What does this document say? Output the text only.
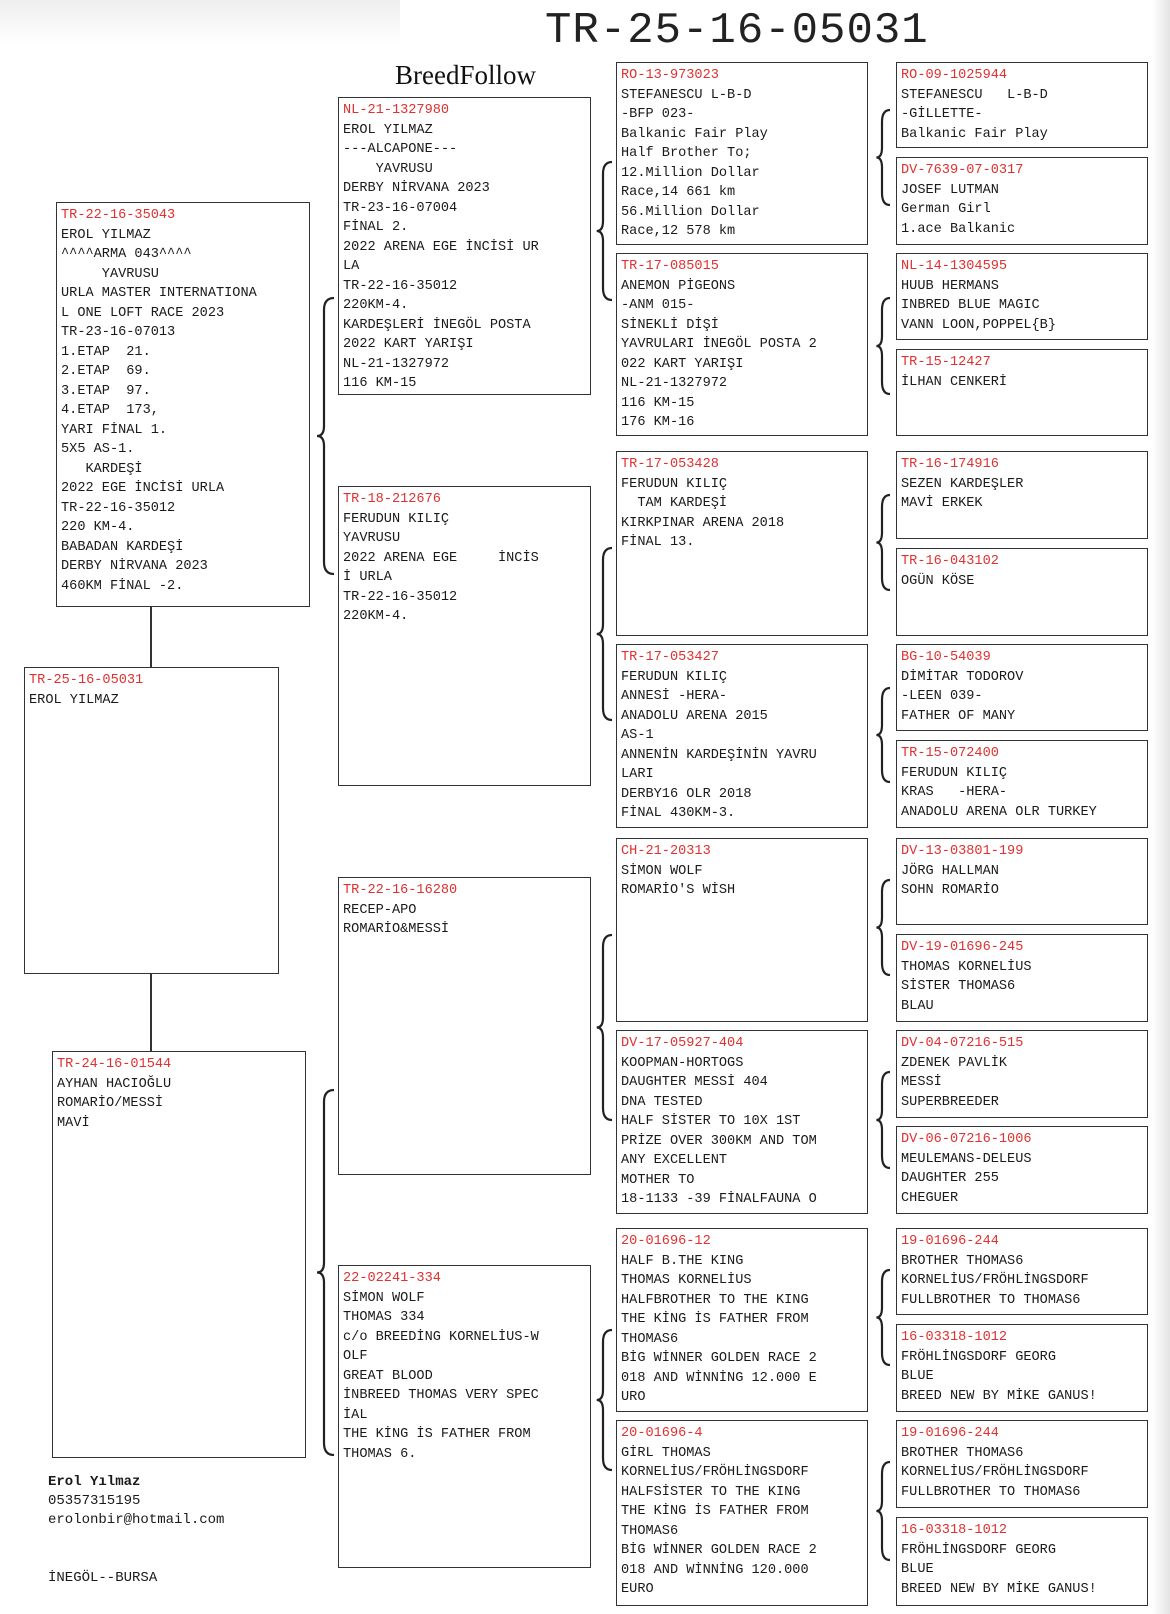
TR-25-16-05031
BreedFollow
TR-25-16-05031
EROL YILMAZ
TR-22-16-35043
EROL YILMAZ
^^^^ARMA 043^^^^
YAVRUSU
URLA MASTER INTERNATIONA
L ONE LOFT RACE 2023
TR-23-16-07013
1.ETAP  21.
2.ETAP  69.
3.ETAP  97.
4.ETAP  173,
YARI FİNAL 1.
5X5 AS-1.
KARDEŞİ
2022 EGE İNCİSİ URLA
TR-22-16-35012
220 KM-4.
BABADAN KARDEŞİ
DERBY NİRVANA 2023
460KM FİNAL -2.
TR-24-16-01544
AYHAN HACIOĞLU
ROMARİO/MESSİ
MAVİ
NL-21-1327980
EROL YILMAZ
---ALCAPONE---
YAVRUSU
DERBY NİRVANA 2023
TR-23-16-07004
FİNAL 2.
2022 ARENA EGE İNCİSİ UR
LA
TR-22-16-35012
220KM-4.
KARDEŞLERİ İNEGÖL POSTA
2022 KART YARIŞI
NL-21-1327972
116 KM-15
TR-18-212676
FERUDUN KILIÇ
YAVRUSU
2022 ARENA EGE     İNCİS
İ URLA
TR-22-16-35012
220KM-4.
TR-22-16-16280
RECEP-APO
ROMARİO&MESSİ
22-02241-334
SİMON WOLF
THOMAS 334
c/o BREEDİNG KORNELİUS-W
OLF
GREAT BLOOD
İNBREED THOMAS VERY SPEC
İAL
THE KİNG İS FATHER FROM
THOMAS 6.
RO-13-973023
STEFANESCU L-B-D
-BFP 023-
Balkanic Fair Play
Half Brother To;
12.Million Dollar
Race,14 661 km
56.Million Dollar
Race,12 578 km
TR-17-085015
ANEMON PİGEONS
-ANM 015-
SİNEKLİ DİŞİ
YAVRULARI İNEGÖL POSTA 2
022 KART YARIŞI
NL-21-1327972
116 KM-15
176 KM-16
TR-17-053428
FERUDUN KILIÇ
TAM KARDEŞİ
KIRKPINAR ARENA 2018
FİNAL 13.
TR-17-053427
FERUDUN KILIÇ
ANNESİ -HERA-
ANADOLU ARENA 2015
AS-1
ANNENİN KARDEŞİNİN YAVRU
LARI
DERBY16 OLR 2018
FİNAL 430KM-3.
CH-21-20313
SİMON WOLF
ROMARİO'S WİSH
DV-17-05927-404
KOOPMAN-HORTOGS
DAUGHTER MESSİ 404
DNA TESTED
HALF SİSTER TO 10X 1ST
PRİZE OVER 300KM AND TOM
ANY EXCELLENT
MOTHER TO
18-1133 -39 FİNALFAUNA O
20-01696-12
HALF B.THE KING
THOMAS KORNELİUS
HALFBROTHER TO THE KING
THE KİNG İS FATHER FROM
THOMAS6
BİG WİNNER GOLDEN RACE 2
018 AND WİNNİNG 12.000 E
URO
20-01696-4
GİRL THOMAS
KORNELİUS/FRÖHLİNGSDORF
HALFSİSTER TO THE KING
THE KİNG İS FATHER FROM
THOMAS6
BİG WİNNER GOLDEN RACE 2
018 AND WİNNİNG 120.000
EURO
RO-09-1025944
STEFANESCU   L-B-D
-GİLLETTE-
Balkanic Fair Play
DV-7639-07-0317
JOSEF LUTMAN
German Girl
1.ace Balkanic
NL-14-1304595
HUUB HERMANS
INBRED BLUE MAGIC
VANN LOON,POPPEL{B}
TR-15-12427
İLHAN CENKERİ
TR-16-174916
SEZEN KARDEŞLER
MAVİ ERKEK
TR-16-043102
OGÜN KÖSE
BG-10-54039
DİMİTAR TODOROV
-LEEN 039-
FATHER OF MANY
TR-15-072400
FERUDUN KILIÇ
KRAS   -HERA-
ANADOLU ARENA OLR TURKEY
DV-13-03801-199
JÖRG HALLMAN
SOHN ROMARİO
DV-19-01696-245
THOMAS KORNELİUS
SİSTER THOMAS6
BLAU
DV-04-07216-515
ZDENEK PAVLİK
MESSİ
SUPERBREEDER
DV-06-07216-1006
MEULEMANS-DELEUS
DAUGHTER 255
CHEGUER
19-01696-244
BROTHER THOMAS6
KORNELİUS/FRÖHLİNGSDORF
FULLBROTHER TO THOMAS6
16-03318-1012
FRÖHLİNGSDORF GEORG
BLUE
BREED NEW BY MİKE GANUS!
19-01696-244
BROTHER THOMAS6
KORNELİUS/FRÖHLİNGSDORF
FULLBROTHER TO THOMAS6
16-03318-1012
FRÖHLİNGSDORF GEORG
BLUE
BREED NEW BY MİKE GANUS!
Erol Yılmaz
05357315195
erolonbir@hotmail.com
İNEGÖL--BURSA
